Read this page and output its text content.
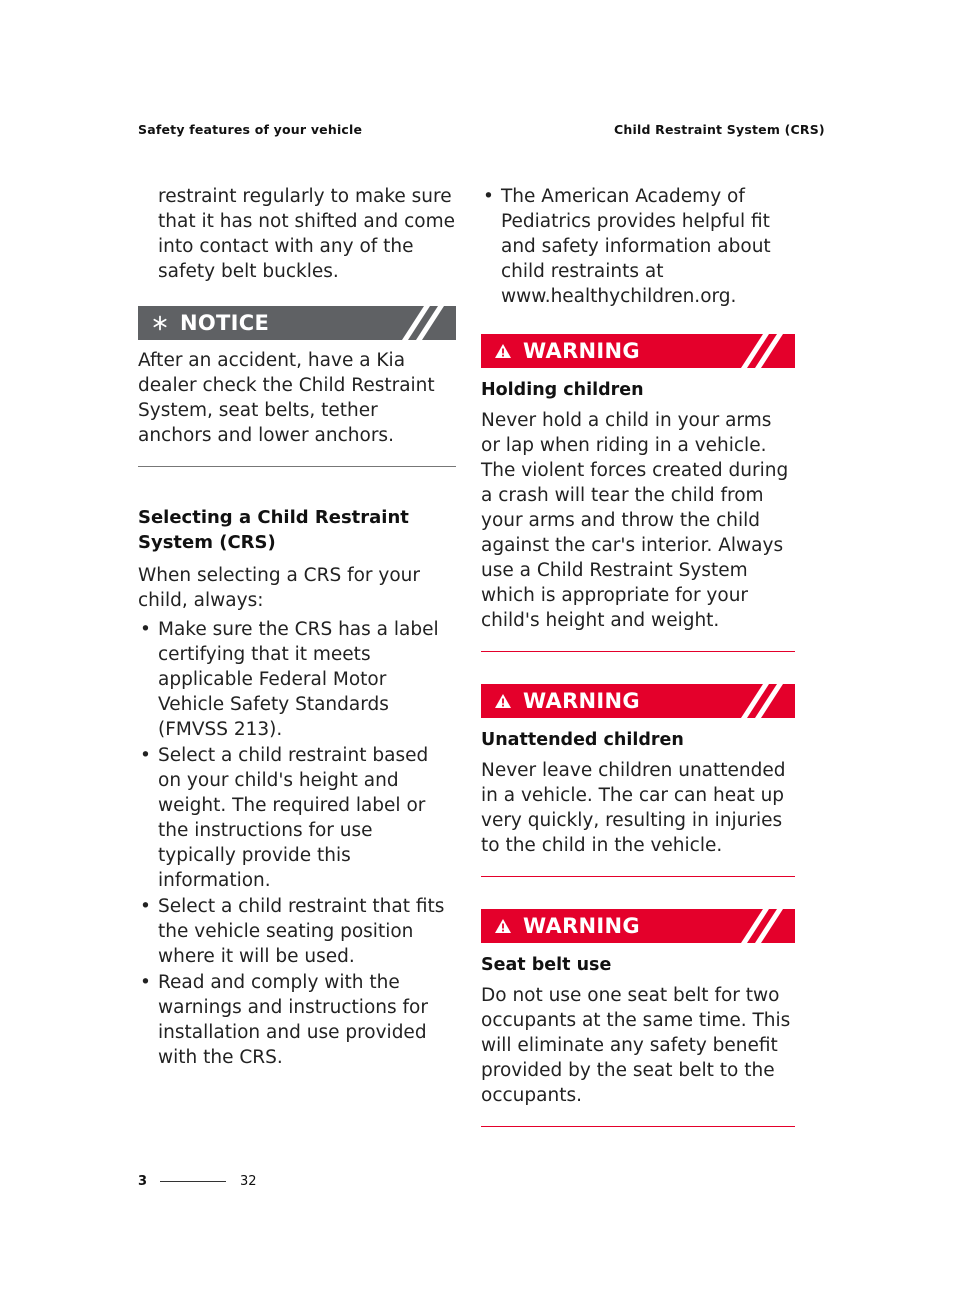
Safety features of your vehicle	Child Restraint System (CRS)

restraint regularly to make sure that it has not shifted and come into contact with any of the safety belt buckles.

NOTICE

After an accident, have a Kia dealer check the Child Restraint System, seat belts, tether anchors and lower anchors.

Selecting a Child Restraint System (CRS)

When selecting a CRS for your child, always:

• Make sure the CRS has a label certifying that it meets applicable Federal Motor Vehicle Safety Standards (FMVSS 213).
• Select a child restraint based on your child's height and weight. The required label or the instructions for use typically provide this information.
• Select a child restraint that fits the vehicle seating position where it will be used.
• Read and comply with the warnings and instructions for installation and use provided with the CRS.
• The American Academy of Pediatrics provides helpful fit and safety information about child restraints at www.healthychildren.org.
WARNING
Holding children

Never hold a child in your arms or lap when riding in a vehicle. The violent forces created during a crash will tear the child from your arms and throw the child against the car's interior. Always use a Child Restraint System which is appropriate for your child's height and weight.

WARNING
Unattended children

Never leave children unattended in a vehicle. The car can heat up very quickly, resulting in injuries to the child in the vehicle.

WARNING
Seat belt use

Do not use one seat belt for two occupants at the same time. This will eliminate any safety benefit provided by the seat belt to the occupants.

3	32
